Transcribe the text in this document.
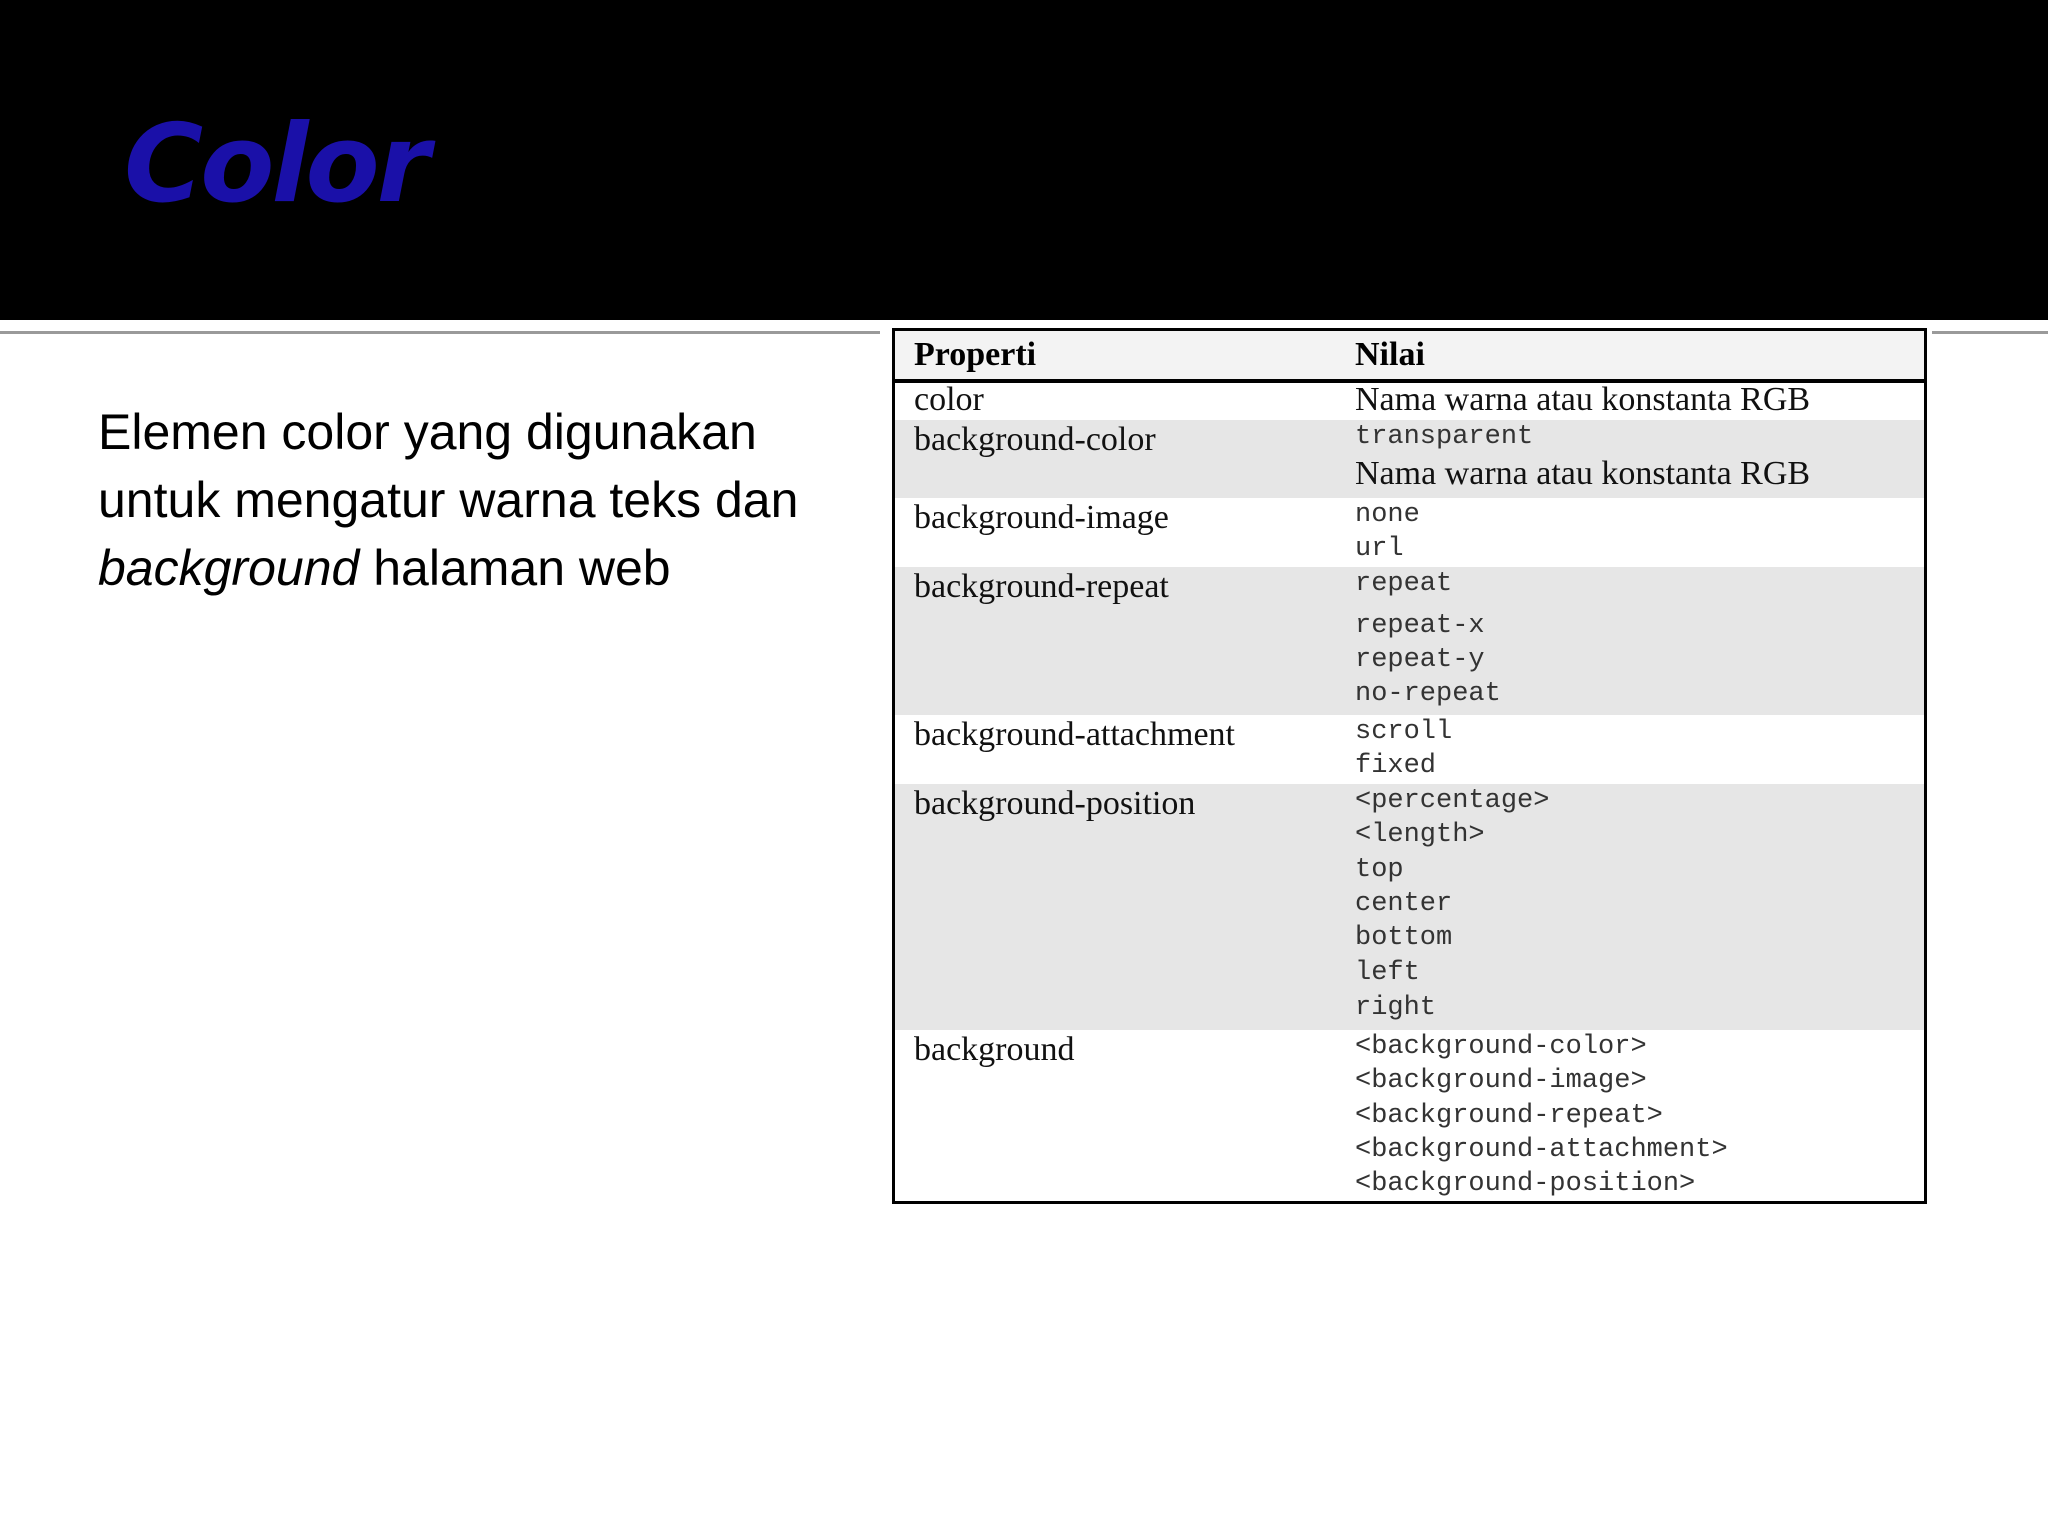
Color

Elemen color yang digunakan untuk mengatur warna teks dan background halaman web

Properti	Nilai
color	Nama warna atau konstanta RGB
background-color	transparent
Nama warna atau konstanta RGB
background-image	none
url
background-repeat	repeat
repeat-x
repeat-y
no-repeat
background-attachment	scroll
fixed
background-position	<percentage>
<length>
top
center
bottom
left
right
background	<background-color>
<background-image>
<background-repeat>
<background-attachment>
<background-position>
